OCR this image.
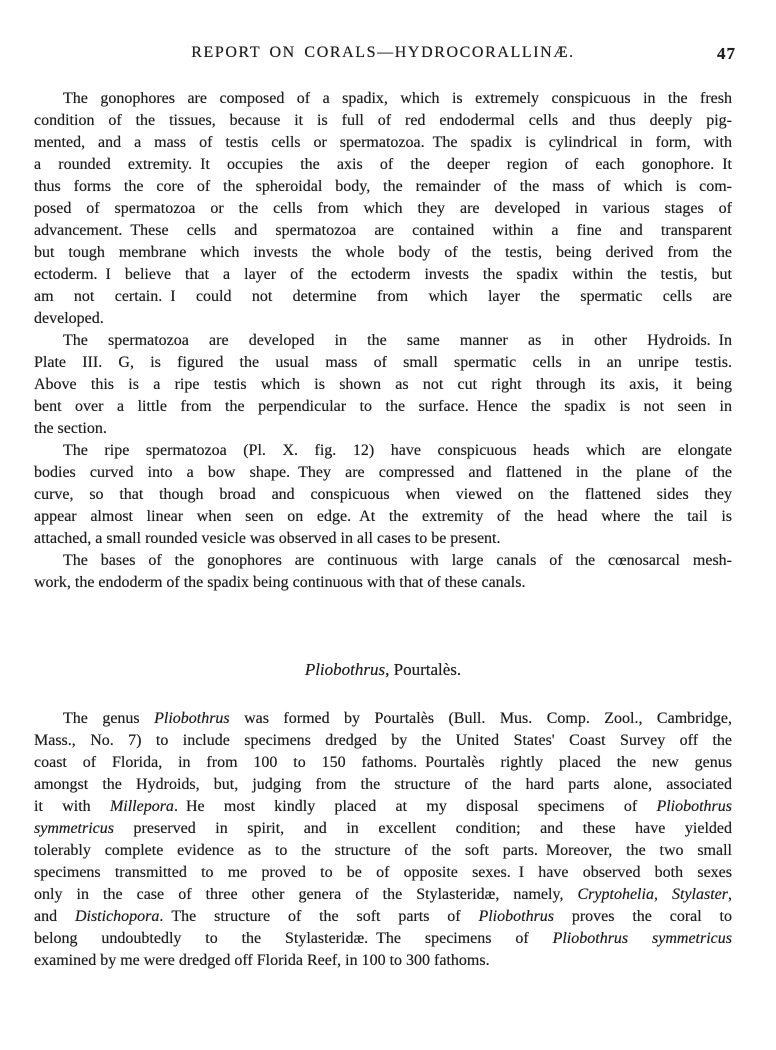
REPORT ON CORALS—HYDROCORALLINÆ.	47
The gonophores are composed of a spadix, which is extremely conspicuous in the fresh
condition of the tissues, because it is full of red endodermal cells and thus deeply pig-
mented, and a mass of testis cells or spermatozoa. The spadix is cylindrical in form, with
a rounded extremity. It occupies the axis of the deeper region of each gonophore. It
thus forms the core of the spheroidal body, the remainder of the mass of which is com-
posed of spermatozoa or the cells from which they are developed in various stages of
advancement. These cells and spermatozoa are contained within a fine and transparent
but tough membrane which invests the whole body of the testis, being derived from the
ectoderm. I believe that a layer of the ectoderm invests the spadix within the testis, but
am not certain. I could not determine from which layer the spermatic cells are
developed.
The spermatozoa are developed in the same manner as in other Hydroids. In
Plate III. G, is figured the usual mass of small spermatic cells in an unripe testis.
Above this is a ripe testis which is shown as not cut right through its axis, it being
bent over a little from the perpendicular to the surface. Hence the spadix is not seen in
the section.
The ripe spermatozoa (Pl. X. fig. 12) have conspicuous heads which are elongate
bodies curved into a bow shape. They are compressed and flattened in the plane of the
curve, so that though broad and conspicuous when viewed on the flattened sides they
appear almost linear when seen on edge. At the extremity of the head where the tail is
attached, a small rounded vesicle was observed in all cases to be present.
The bases of the gonophores are continuous with large canals of the cœnosarcal mesh-
work, the endoderm of the spadix being continuous with that of these canals.
Pliobothrus, Pourtalès.
The genus Pliobothrus was formed by Pourtalès (Bull. Mus. Comp. Zool., Cambridge,
Mass., No. 7) to include specimens dredged by the United States' Coast Survey off the
coast of Florida, in from 100 to 150 fathoms. Pourtalès rightly placed the new genus
amongst the Hydroids, but, judging from the structure of the hard parts alone, associated
it with Millepora. He most kindly placed at my disposal specimens of Pliobothrus
symmetricus preserved in spirit, and in excellent condition; and these have yielded
tolerably complete evidence as to the structure of the soft parts. Moreover, the two small
specimens transmitted to me proved to be of opposite sexes. I have observed both sexes
only in the case of three other genera of the Stylasteridæ, namely, Cryptohelia, Stylaster,
and Distichopora. The structure of the soft parts of Pliobothrus proves the coral to
belong undoubtedly to the Stylasteridæ. The specimens of Pliobothrus symmetricus
examined by me were dredged off Florida Reef, in 100 to 300 fathoms.
